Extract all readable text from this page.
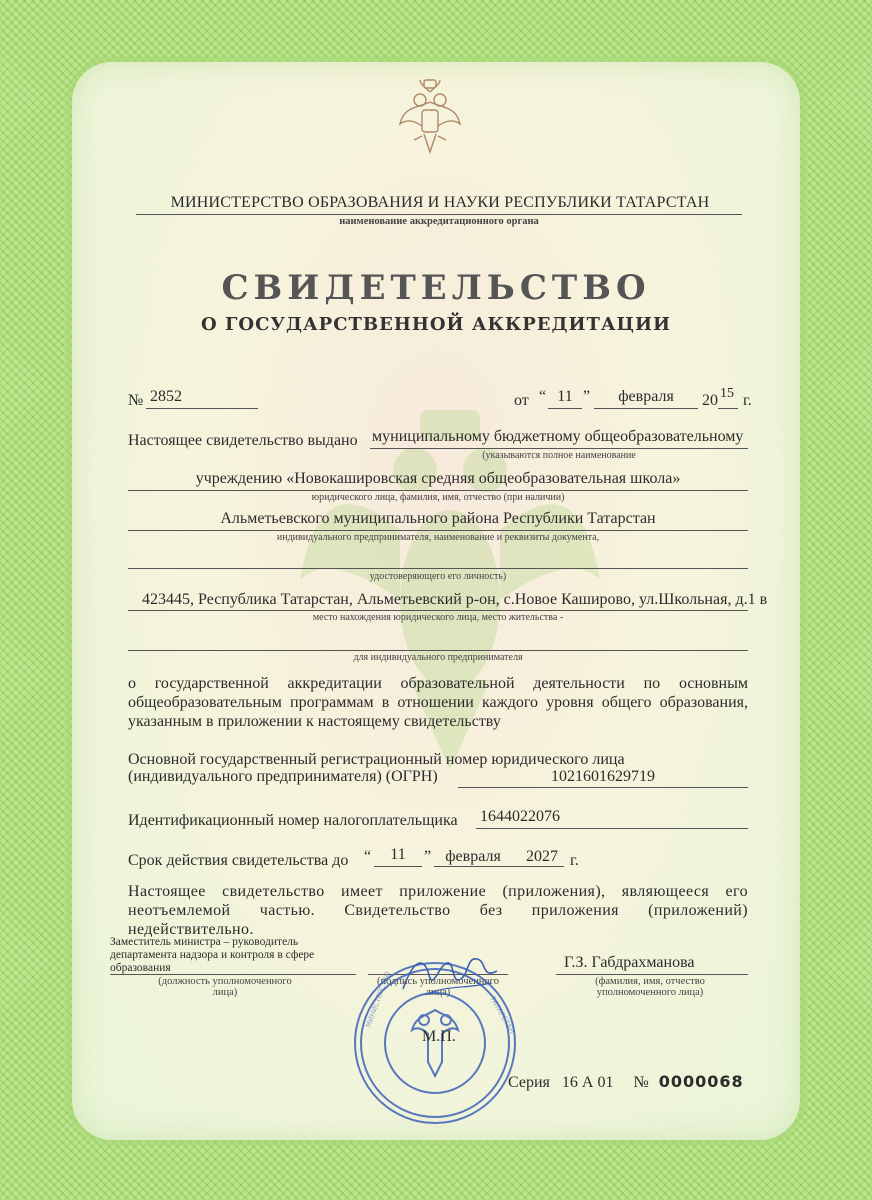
МИНИСТЕРСТВО ОБРАЗОВАНИЯ И НАУКИ РЕСПУБЛИКИ ТАТАРСТАН
наименование аккредитационного органа
СВИДЕТЕЛЬСТВО
О ГОСУДАРСТВЕННОЙ АККРЕДИТАЦИИ
№ 2852	от “ 11 ”	февраля	20 15 г.
Настоящее свидетельство выдано муниципальному бюджетному общеобразовательному
(указываются полное наименование
учреждению «Новокашировская средняя общеобразовательная школа»
юридического лица, фамилия, имя, отчество (при наличии)
Альметьевского муниципального района Республики Татарстан
индивидуального предпринимателя, наименование и реквизиты документа,
удостоверяющего его личность)
423445, Республика Татарстан, Альметьевский р-он, с.Новое Каширово, ул.Школьная, д.1 в
место нахождения юридического лица, место жительства -
для индивидуального предпринимателя
о государственной аккредитации образовательной деятельности по основным общеобразовательным программам в отношении каждого уровня общего образования, указанным в приложении к настоящему свидетельству
Основной государственный регистрационный номер юридического лица
(индивидуального предпринимателя) (ОГРН)	1021601629719
Идентификационный номер налогоплательщика 1644022076
Срок действия свидетельства до “	11	” февраля	2027 г.
Настоящее свидетельство имеет приложение (приложения), являющееся его неотъемлемой частью. Свидетельство без приложения (приложений) недействительно.
Заместитель министра – руководитель департамента надзора и контроля в сфере образования
(должность уполномоченного лица)
(подпись уполномоченного лица)
Г.З. Габдрахманова
(фамилия, имя, отчество уполномоченного лица)
МИНИСТЕРСТВО	ТАТАРСТАН
М.П.
Серия 16 А 01 № 0000068
